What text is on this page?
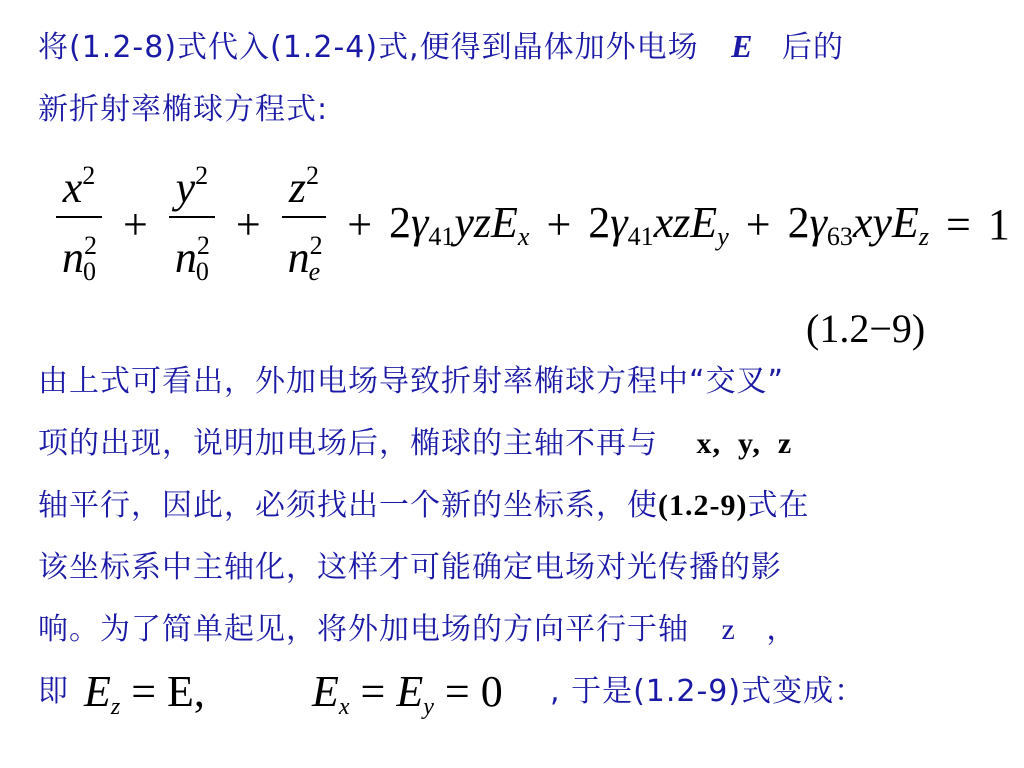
将(1.2-8)式代入(1.2-4)式,便得到晶体加外电场 E 后的
新折射率椭球方程式:
$\frac{x^2}{n^2_0} + \frac{y^2}{n^2_0} + \frac{z^2}{n^2_e} + 2\gamma_{41}yzE_x + 2\gamma_{41}xzE_y + 2\gamma_{63}xyE_z = 1$
(1.2−9)
由上式可看出，外加电场导致折射率椭球方程中“交叉”
项的出现，说明加电场后，椭球的主轴不再与 x,  y,  z
轴平行，因此，必须找出一个新的坐标系，使(1.2-9)式在
该坐标系中主轴化，这样才可能确定电场对光传播的影
响。为了简单起见，将外加电场的方向平行于轴 z ，
即 $E_z = E$, $E_x = E_y = 0$ , 于是(1.2-9)式变成：
